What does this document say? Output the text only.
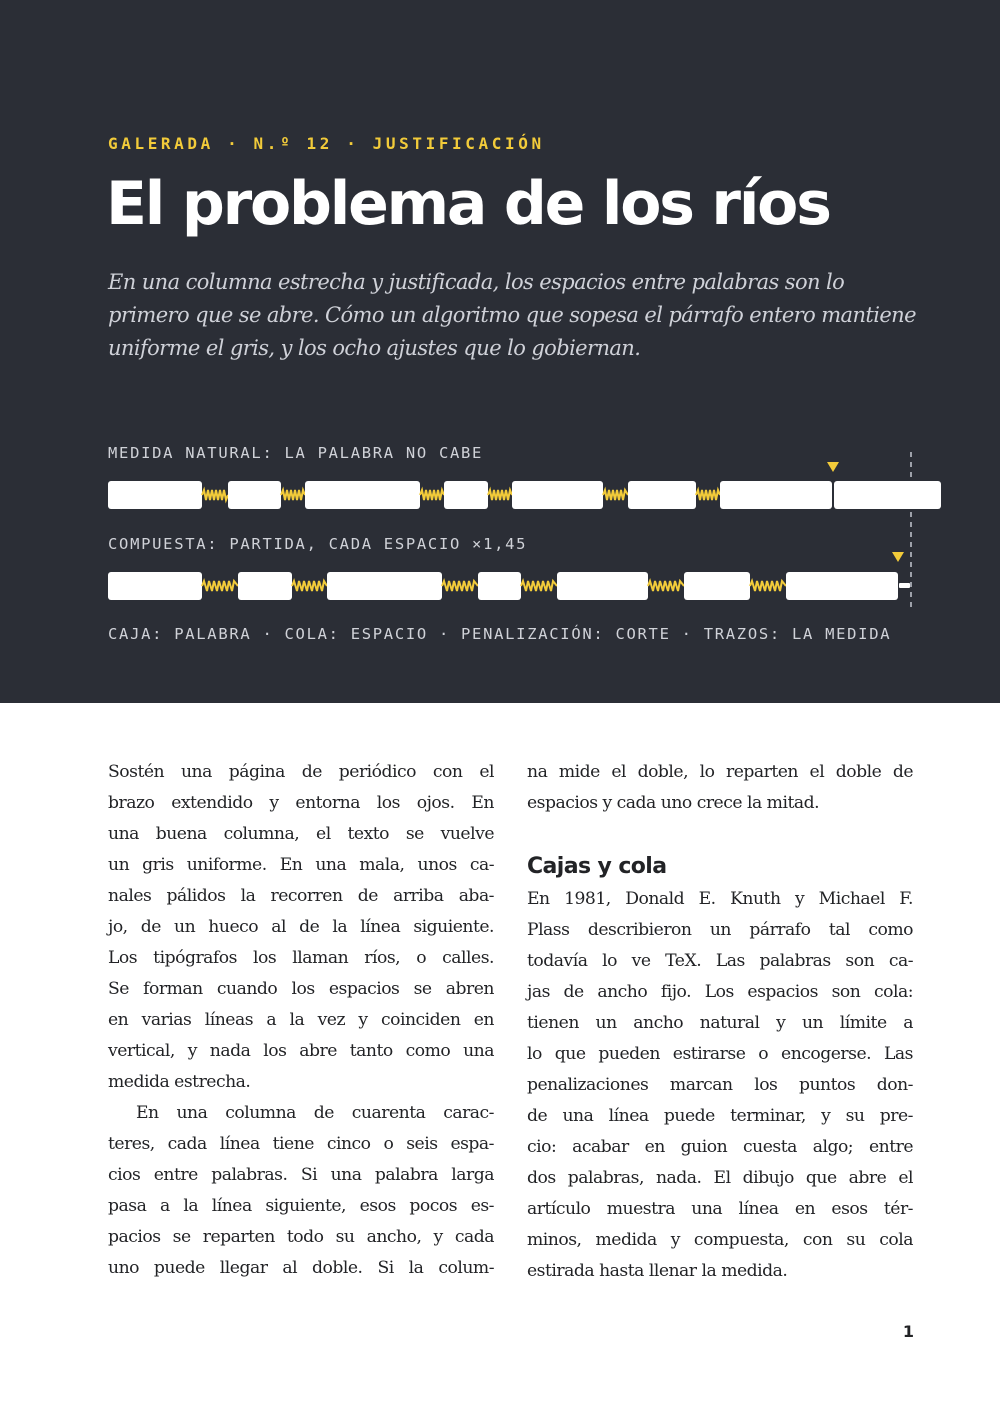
GALERADA · N.º 12 · JUSTIFICACIÓN
El problema de los ríos
En una columna estrecha y justificada, los espacios entre palabras son lo
primero que se abre. Cómo un algoritmo que sopesa el párrafo entero mantiene
uniforme el gris, y los ocho ajustes que lo gobiernan.
MEDIDA NATURAL: LA PALABRA NO CABE
COMPUESTA: PARTIDA, CADA ESPACIO ×1,45
CAJA: PALABRA · COLA: ESPACIO · PENALIZACIÓN: CORTE · TRAZOS: LA MEDIDA
Sostén una página de periódico con el
brazo extendido y entorna los ojos. En
una buena columna, el texto se vuelve
un gris uniforme. En una mala, unos ca-
nales pálidos la recorren de arriba aba-
jo, de un hueco al de la línea siguiente.
Los tipógrafos los llaman ríos, o calles.
Se forman cuando los espacios se abren
en varias líneas a la vez y coinciden en
vertical, y nada los abre tanto como una
medida estrecha.
En una columna de cuarenta carac-
teres, cada línea tiene cinco o seis espa-
cios entre palabras. Si una palabra larga
pasa a la línea siguiente, esos pocos es-
pacios se reparten todo su ancho, y cada
uno puede llegar al doble. Si la colum-
na mide el doble, lo reparten el doble de
espacios y cada uno crece la mitad.
Cajas y cola
En 1981, Donald E. Knuth y Michael F.
Plass describieron un párrafo tal como
todavía lo ve TeX. Las palabras son ca-
jas de ancho fijo. Los espacios son cola:
tienen un ancho natural y un límite a
lo que pueden estirarse o encogerse. Las
penalizaciones marcan los puntos don-
de una línea puede terminar, y su pre-
cio: acabar en guion cuesta algo; entre
dos palabras, nada. El dibujo que abre el
artículo muestra una línea en esos tér-
minos, medida y compuesta, con su cola
estirada hasta llenar la medida.
1
